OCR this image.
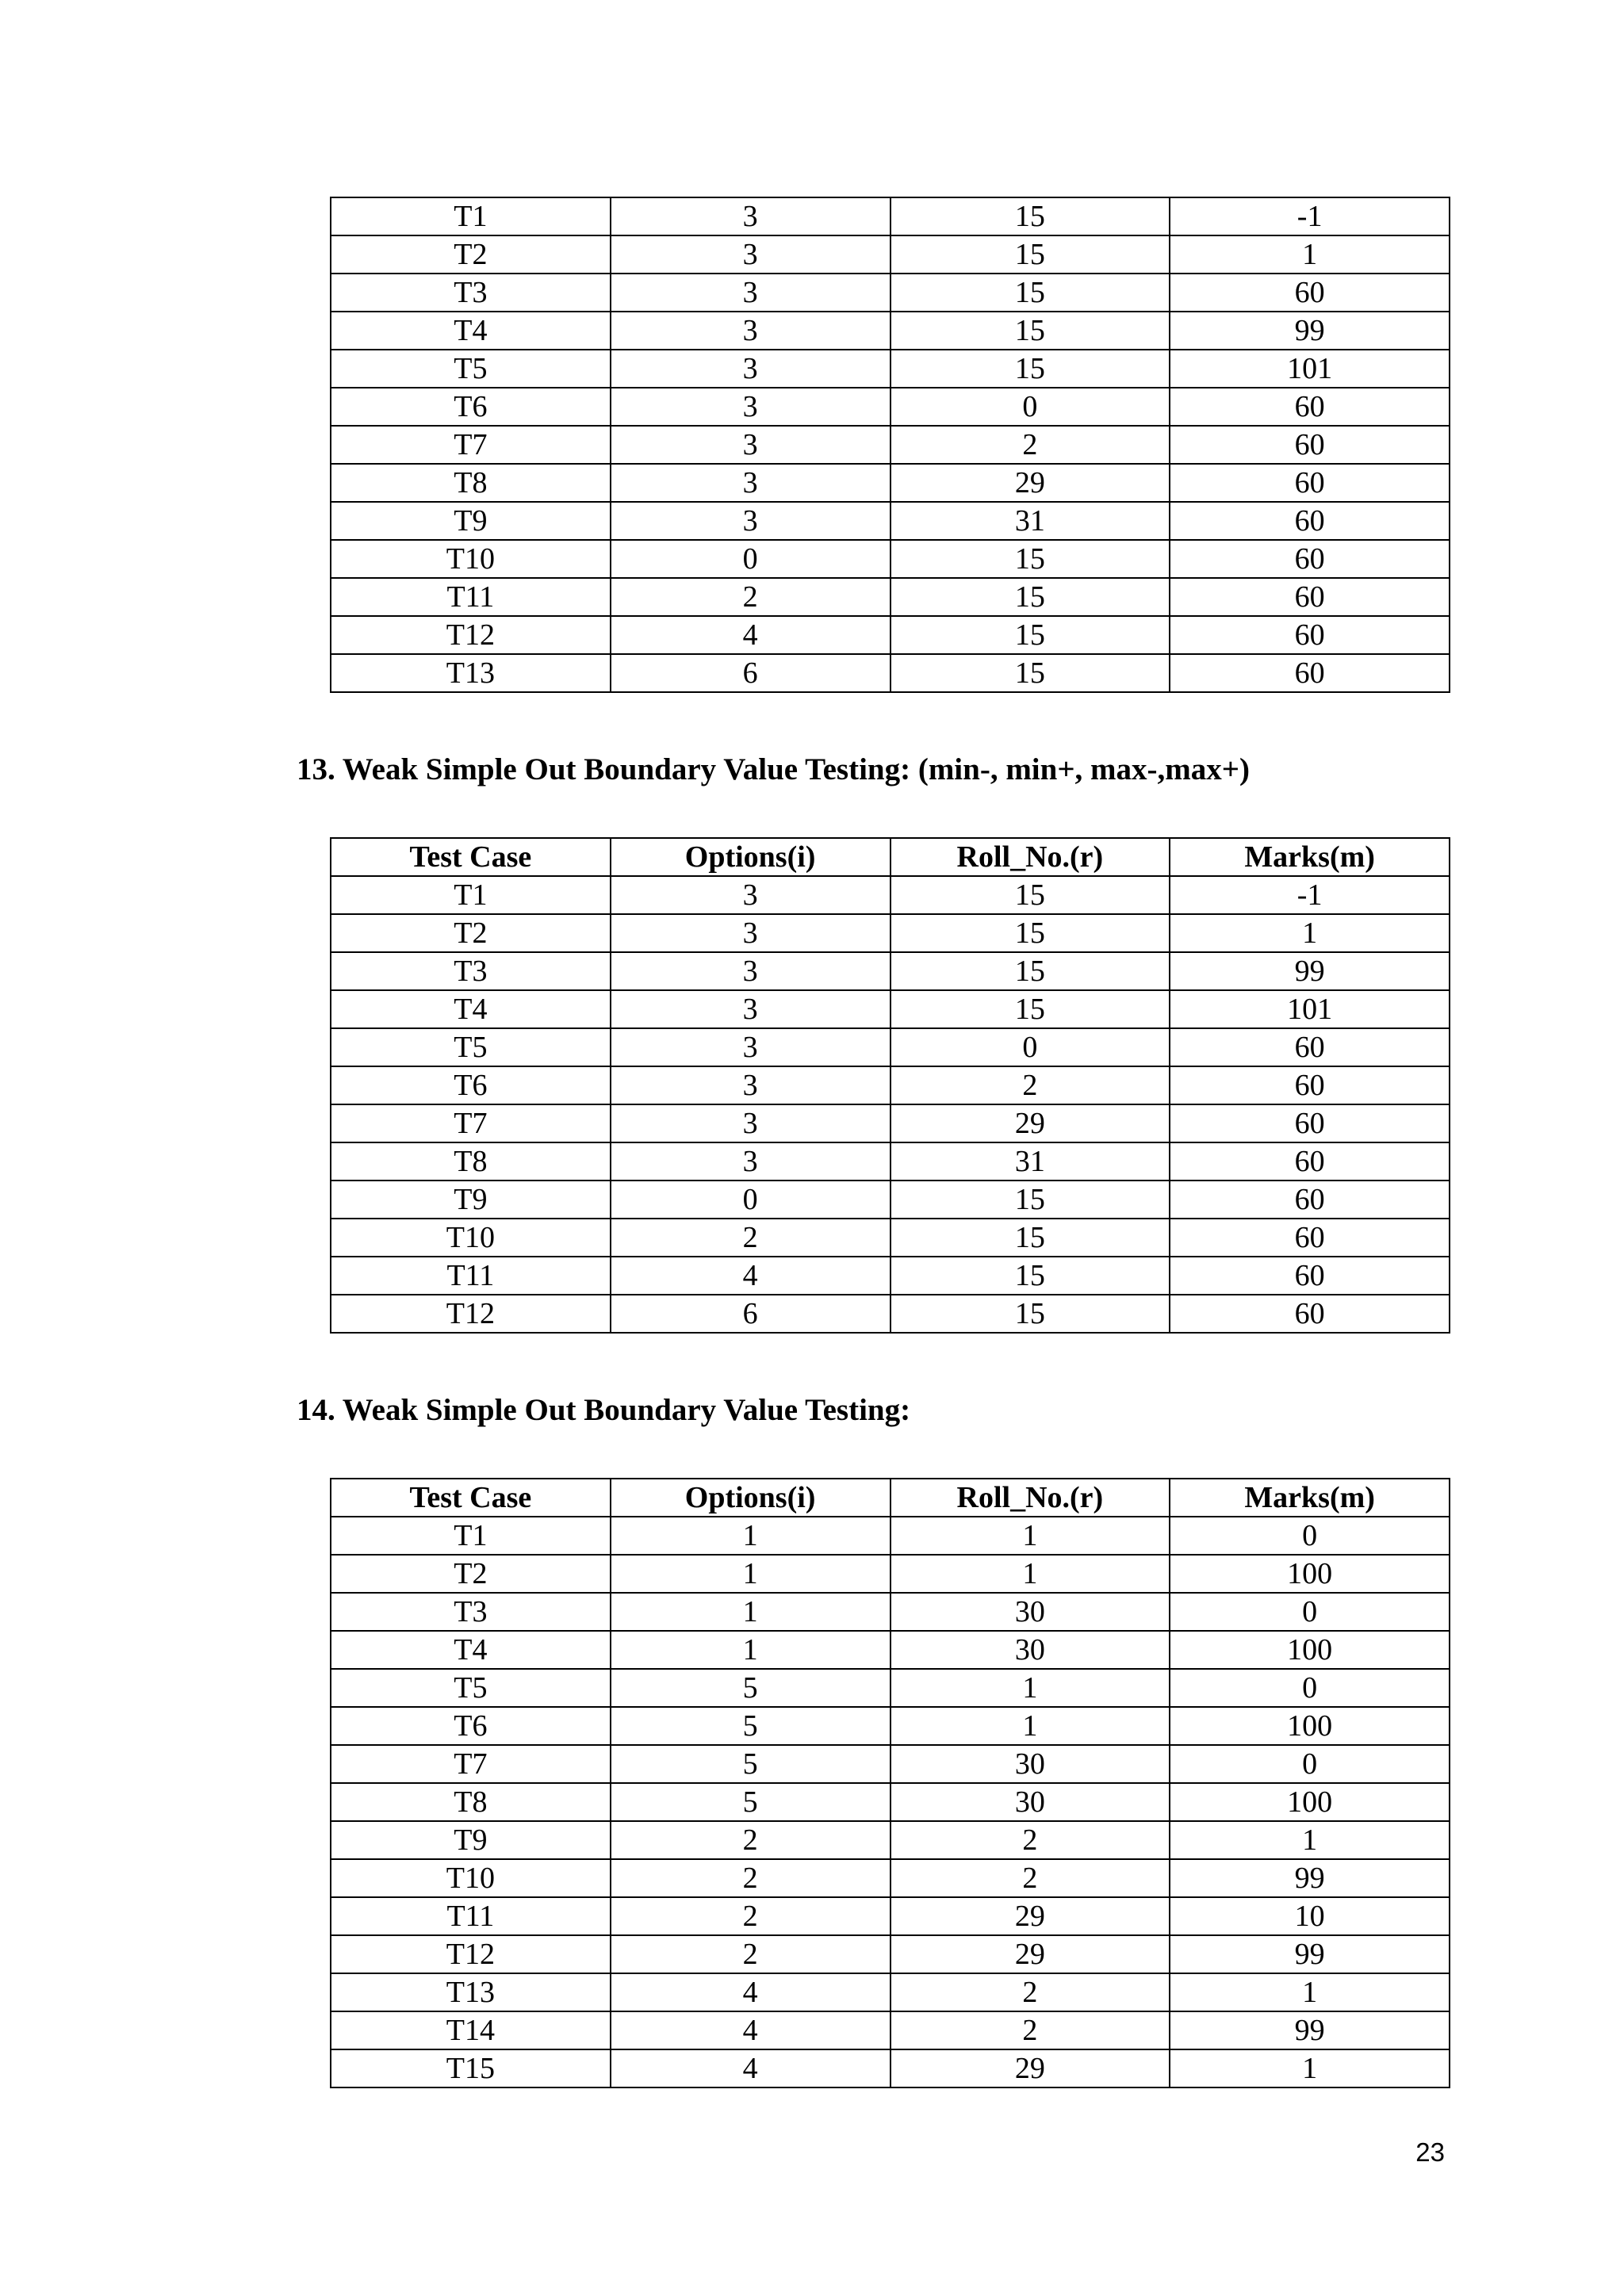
T1	3	15	-1
T2	3	15	1
T3	3	15	60
T4	3	15	99
T5	3	15	101
T6	3	0	60
T7	3	2	60
T8	3	29	60
T9	3	31	60
T10	0	15	60
T11	2	15	60
T12	4	15	60
T13	6	15	60
13. Weak Simple Out Boundary Value Testing: (min-, min+, max-,max+)
Test Case	Options(i)	Roll_No.(r)	Marks(m)
T1	3	15	-1
T2	3	15	1
T3	3	15	99
T4	3	15	101
T5	3	0	60
T6	3	2	60
T7	3	29	60
T8	3	31	60
T9	0	15	60
T10	2	15	60
T11	4	15	60
T12	6	15	60
14. Weak Simple Out Boundary Value Testing:
Test Case	Options(i)	Roll_No.(r)	Marks(m)
T1	1	1	0
T2	1	1	100
T3	1	30	0
T4	1	30	100
T5	5	1	0
T6	5	1	100
T7	5	30	0
T8	5	30	100
T9	2	2	1
T10	2	2	99
T11	2	29	10
T12	2	29	99
T13	4	2	1
T14	4	2	99
T15	4	29	1
23
